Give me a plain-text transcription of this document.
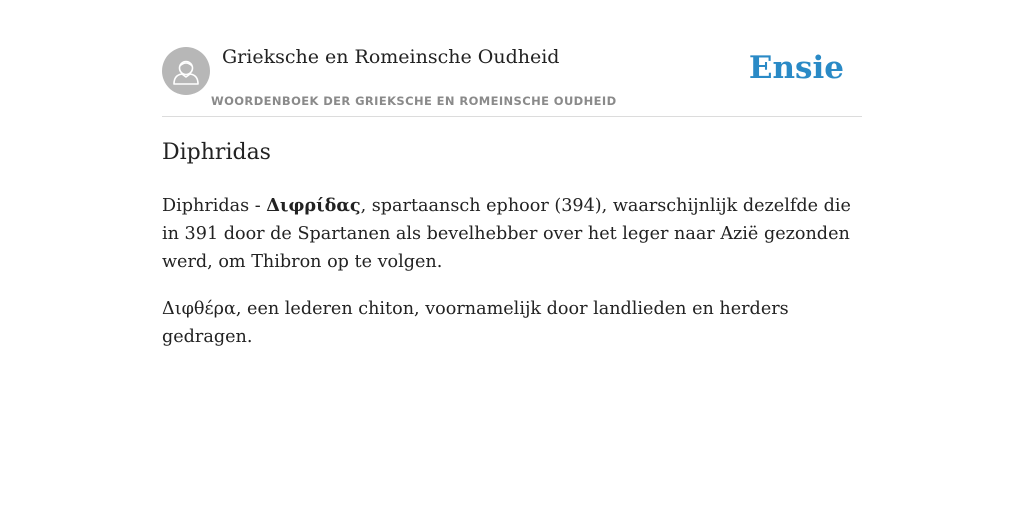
Grieksche en Romeinsche Oudheid
WOORDENBOEK DER GRIEKSCHE EN ROMEINSCHE OUDHEID
Ensie
Diphridas

Diphridas - Διφρίδας, spartaansch ephoor (394), waarschijnlijk dezelfde die in 391 door de Spartanen als bevelhebber over het leger naar Azië gezonden werd, om Thibron op te volgen.

Διφθέρα, een lederen chiton, voornamelijk door landlieden en herders gedragen.
